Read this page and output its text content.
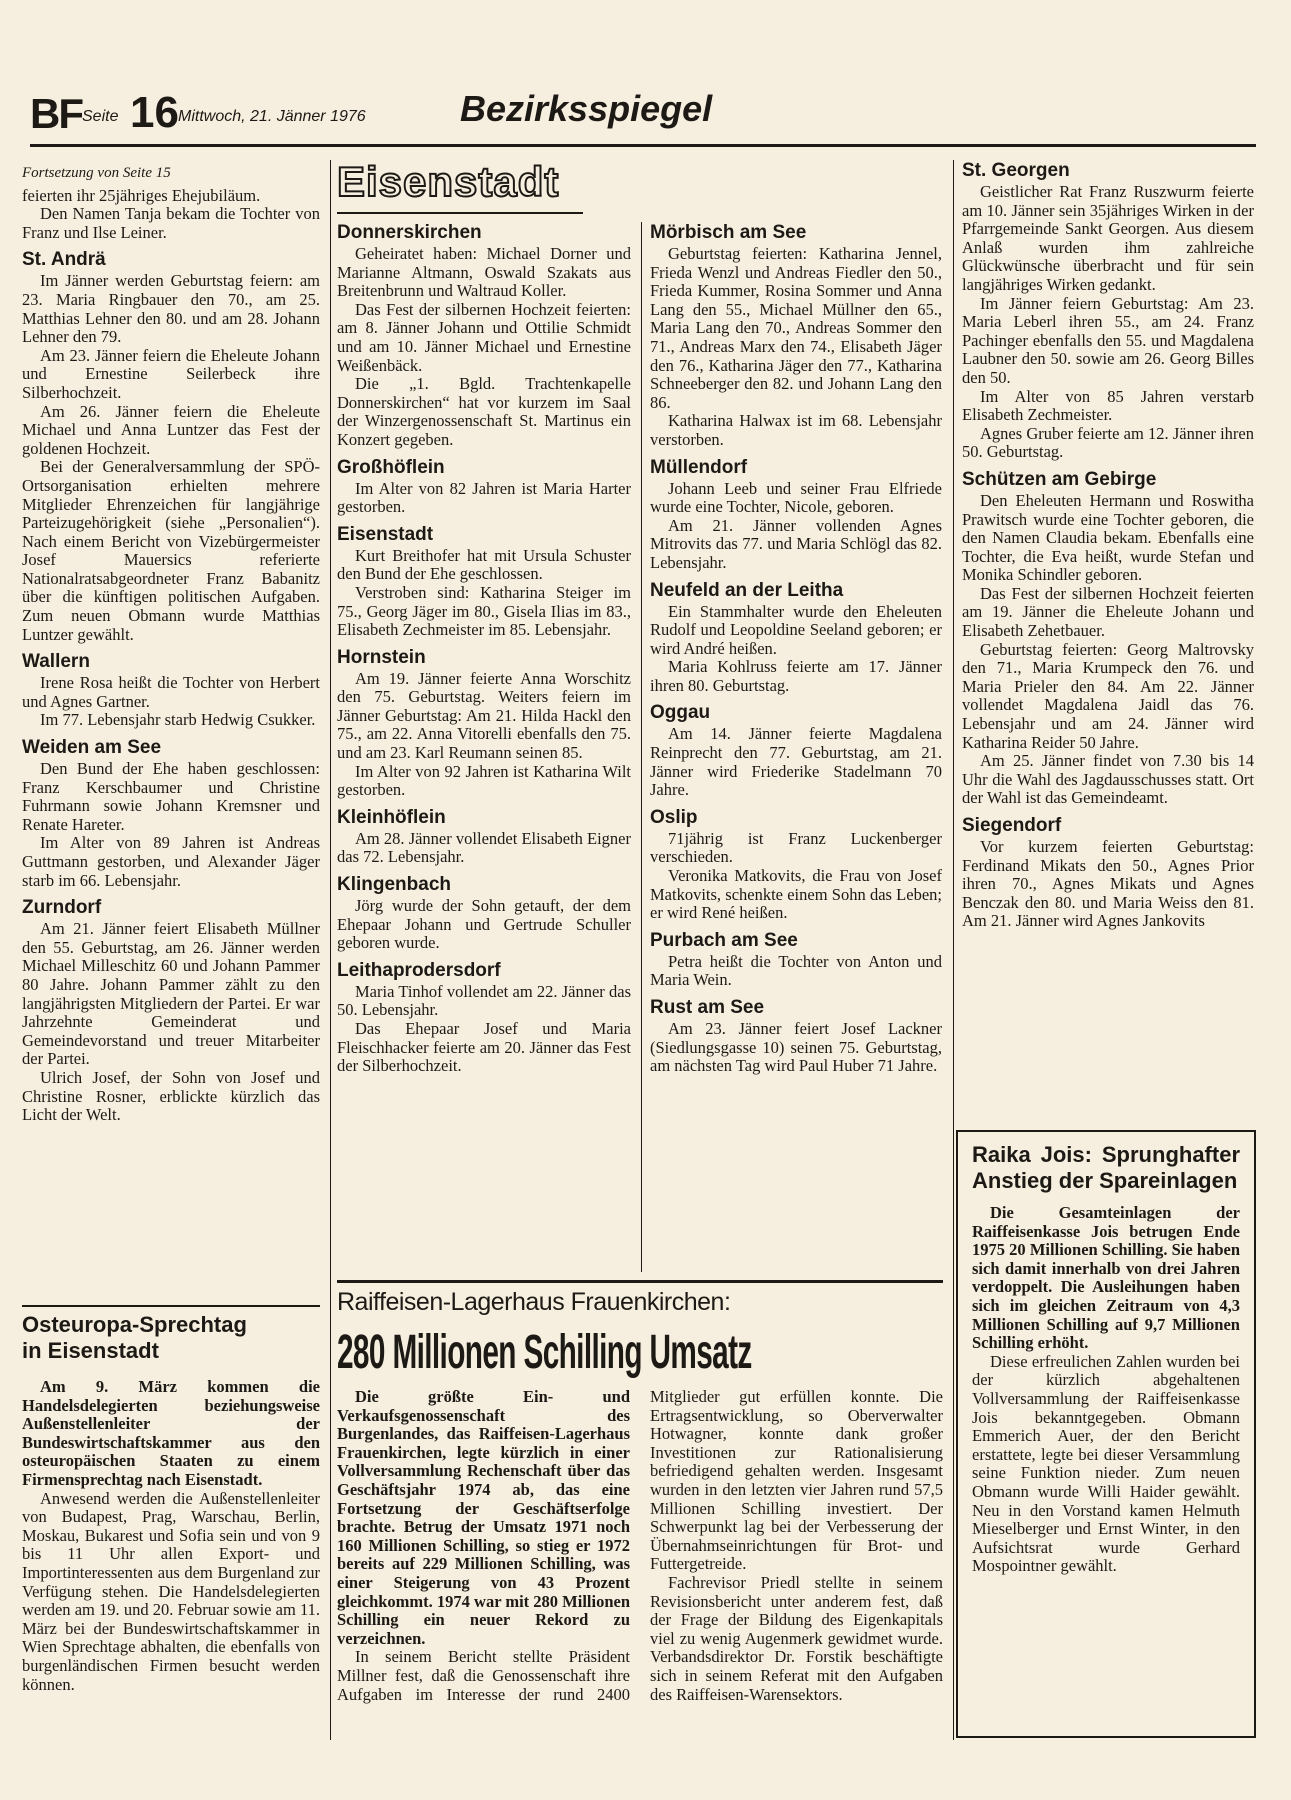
BF Seite 16 Mittwoch, 21. Jänner 1976	Bezirksspiegel
Fortsetzung von Seite 15

feierten ihr 25jähriges Ehejubiläum.

Den Namen Tanja bekam die Tochter von Franz und Ilse Leiner.

St. Andrä

Im Jänner werden Geburtstag feiern: am 23. Maria Ringbauer den 70., am 25. Matthias Lehner den 80. und am 28. Johann Lehner den 79.

Am 23. Jänner feiern die Eheleute Johann und Ernestine Seilerbeck ihre Silberhochzeit.

Am 26. Jänner feiern die Eheleute Michael und Anna Luntzer das Fest der goldenen Hochzeit.

Bei der Generalversammlung der SPÖ-Ortsorganisation erhielten mehrere Mitglieder Ehrenzeichen für langjährige Parteizugehörigkeit (siehe „Personalien“). Nach einem Bericht von Vizebürgermeister Josef Mauersics referierte Nationalratsabgeordneter Franz Babanitz über die künftigen politischen Aufgaben. Zum neuen Obmann wurde Matthias Luntzer gewählt.

Wallern

Irene Rosa heißt die Tochter von Herbert und Agnes Gartner.

Im 77. Lebensjahr starb Hedwig Csukker.

Weiden am See

Den Bund der Ehe haben geschlossen: Franz Kerschbaumer und Christine Fuhrmann sowie Johann Kremsner und Renate Hareter.

Im Alter von 89 Jahren ist Andreas Guttmann gestorben, und Alexander Jäger starb im 66. Lebensjahr.

Zurndorf

Am 21. Jänner feiert Elisabeth Müllner den 55. Geburtstag, am 26. Jänner werden Michael Milleschitz 60 und Johann Pammer 80 Jahre. Johann Pammer zählt zu den langjährigsten Mitgliedern der Partei. Er war Jahrzehnte Gemeinderat und Gemeindevorstand und treuer Mitarbeiter der Partei.

Ulrich Josef, der Sohn von Josef und Christine Rosner, erblickte kürzlich das Licht der Welt.

Osteuropa-Sprechtag
in Eisenstadt

Am 9. März kommen die Handelsdelegierten beziehungsweise Außenstellenleiter der Bundeswirtschaftskammer aus den osteuropäischen Staaten zu einem Firmensprechtag nach Eisenstadt.

Anwesend werden die Außenstellenleiter von Budapest, Prag, Warschau, Berlin, Moskau, Bukarest und Sofia sein und von 9 bis 11 Uhr allen Export- und Importinteressenten aus dem Burgenland zur Verfügung stehen. Die Handelsdelegierten werden am 19. und 20. Februar sowie am 11. März bei der Bundeswirtschaftskammer in Wien Sprechtage abhalten, die ebenfalls von burgenländischen Firmen besucht werden können.

Eisenstadt
Donnerskirchen

Geheiratet haben: Michael Dorner und Marianne Altmann, Oswald Szakats aus Breitenbrunn und Waltraud Koller.

Das Fest der silbernen Hochzeit feierten: am 8. Jänner Johann und Ottilie Schmidt und am 10. Jänner Michael und Ernestine Weißenbäck.

Die „1. Bgld. Trachtenkapelle Donnerskirchen“ hat vor kurzem im Saal der Winzergenossenschaft St. Martinus ein Konzert gegeben.

Großhöflein

Im Alter von 82 Jahren ist Maria Harter gestorben.

Eisenstadt

Kurt Breithofer hat mit Ursula Schuster den Bund der Ehe geschlossen.

Verstroben sind: Katharina Steiger im 75., Georg Jäger im 80., Gisela Ilias im 83., Elisabeth Zechmeister im 85. Lebensjahr.

Hornstein

Am 19. Jänner feierte Anna Worschitz den 75. Geburtstag. Weiters feiern im Jänner Geburtstag: Am 21. Hilda Hackl den 75., am 22. Anna Vitorelli ebenfalls den 75. und am 23. Karl Reumann seinen 85.

Im Alter von 92 Jahren ist Katharina Wilt gestorben.

Kleinhöflein

Am 28. Jänner vollendet Elisabeth Eigner das 72. Lebensjahr.

Klingenbach

Jörg wurde der Sohn getauft, der dem Ehepaar Johann und Gertrude Schuller geboren wurde.

Leithaprodersdorf

Maria Tinhof vollendet am 22. Jänner das 50. Lebensjahr.

Das Ehepaar Josef und Maria Fleischhacker feierte am 20. Jänner das Fest der Silberhochzeit.

Mörbisch am See

Geburtstag feierten: Katharina Jennel, Frieda Wenzl und Andreas Fiedler den 50., Frieda Kummer, Rosina Sommer und Anna Lang den 55., Michael Müllner den 65., Maria Lang den 70., Andreas Sommer den 71., Andreas Marx den 74., Elisabeth Jäger den 76., Katharina Jäger den 77., Katharina Schneeberger den 82. und Johann Lang den 86.

Katharina Halwax ist im 68. Lebensjahr verstorben.

Müllendorf

Johann Leeb und seiner Frau Elfriede wurde eine Tochter, Nicole, geboren.

Am 21. Jänner vollenden Agnes Mitrovits das 77. und Maria Schlögl das 82. Lebensjahr.

Neufeld an der Leitha

Ein Stammhalter wurde den Eheleuten Rudolf und Leopoldine Seeland geboren; er wird André heißen.

Maria Kohlruss feierte am 17. Jänner ihren 80. Geburtstag.

Oggau

Am 14. Jänner feierte Magdalena Reinprecht den 77. Geburtstag, am 21. Jänner wird Friederike Stadelmann 70 Jahre.

Oslip

71jährig ist Franz Luckenberger verschieden.

Veronika Matkovits, die Frau von Josef Matkovits, schenkte einem Sohn das Leben; er wird René heißen.

Purbach am See

Petra heißt die Tochter von Anton und Maria Wein.

Rust am See

Am 23. Jänner feiert Josef Lackner (Siedlungsgasse 10) seinen 75. Geburtstag, am nächsten Tag wird Paul Huber 71 Jahre.

St. Georgen

Geistlicher Rat Franz Ruszwurm feierte am 10. Jänner sein 35jähriges Wirken in der Pfarrgemeinde Sankt Georgen. Aus diesem Anlaß wurden ihm zahlreiche Glückwünsche überbracht und für sein langjähriges Wirken gedankt.

Im Jänner feiern Geburtstag: Am 23. Maria Leberl ihren 55., am 24. Franz Pachinger ebenfalls den 55. und Magdalena Laubner den 50. sowie am 26. Georg Billes den 50.

Im Alter von 85 Jahren verstarb Elisabeth Zechmeister.

Agnes Gruber feierte am 12. Jänner ihren 50. Geburtstag.

Schützen am Gebirge

Den Eheleuten Hermann und Roswitha Prawitsch wurde eine Tochter geboren, die den Namen Claudia bekam. Ebenfalls eine Tochter, die Eva heißt, wurde Stefan und Monika Schindler geboren.

Das Fest der silbernen Hochzeit feierten am 19. Jänner die Eheleute Johann und Elisabeth Zehetbauer.

Geburtstag feierten: Georg Maltrovsky den 71., Maria Krumpeck den 76. und Maria Prieler den 84. Am 22. Jänner vollendet Magdalena Jaidl das 76. Lebensjahr und am 24. Jänner wird Katharina Reider 50 Jahre.

Am 25. Jänner findet von 7.30 bis 14 Uhr die Wahl des Jagdausschusses statt. Ort der Wahl ist das Gemeindeamt.

Siegendorf

Vor kurzem feierten Geburtstag: Ferdinand Mikats den 50., Agnes Prior ihren 70., Agnes Mikats und Agnes Benczak den 80. und Maria Weiss den 81. Am 21. Jänner wird Agnes Jankovits

Raika Jois: Sprunghafter Anstieg der Spareinlagen

Die Gesamteinlagen der Raiffeisenkasse Jois betrugen Ende 1975 20 Millionen Schilling. Sie haben sich damit innerhalb von drei Jahren verdoppelt. Die Ausleihungen haben sich im gleichen Zeitraum von 4,3 Millionen Schilling auf 9,7 Millionen Schilling erhöht.

Diese erfreulichen Zahlen wurden bei der kürzlich abgehaltenen Vollversammlung der Raiffeisenkasse Jois bekanntgegeben. Obmann Emmerich Auer, der den Bericht erstattete, legte bei dieser Versammlung seine Funktion nieder. Zum neuen Obmann wurde Willi Haider gewählt. Neu in den Vorstand kamen Helmuth Mieselberger und Ernst Winter, in den Aufsichtsrat wurde Gerhard Mospointner gewählt.

Raiffeisen-Lagerhaus Frauenkirchen:
280 Millionen Schilling Umsatz

Die größte Ein- und Verkaufsgenossenschaft des Burgenlandes, das Raiffeisen-Lagerhaus Frauenkirchen, legte kürzlich in einer Vollversammlung Rechenschaft über das Geschäftsjahr 1974 ab, das eine Fortsetzung der Geschäftserfolge brachte. Betrug der Umsatz 1971 noch 160 Millionen Schilling, so stieg er 1972 bereits auf 229 Millionen Schilling, was einer Steigerung von 43 Prozent gleichkommt. 1974 war mit 280 Millionen Schilling ein neuer Rekord zu verzeichnen.

In seinem Bericht stellte Präsident Millner fest, daß die Genossenschaft ihre Aufgaben im Interesse der rund 2400 Mitglieder gut erfüllen konnte. Die Ertragsentwicklung, so Oberverwalter Hotwagner, konnte dank großer Investitionen zur Rationalisierung befriedigend gehalten werden. Insgesamt wurden in den letzten vier Jahren rund 57,5 Millionen Schilling investiert. Der Schwerpunkt lag bei der Verbesserung der Übernahmseinrichtungen für Brot- und Futtergetreide.

Fachrevisor Priedl stellte in seinem Revisionsbericht unter anderem fest, daß der Frage der Bildung des Eigenkapitals viel zu wenig Augenmerk gewidmet wurde. Verbandsdirektor Dr. Forstik beschäftigte sich in seinem Referat mit den Aufgaben des Raiffeisen-Warensektors.
